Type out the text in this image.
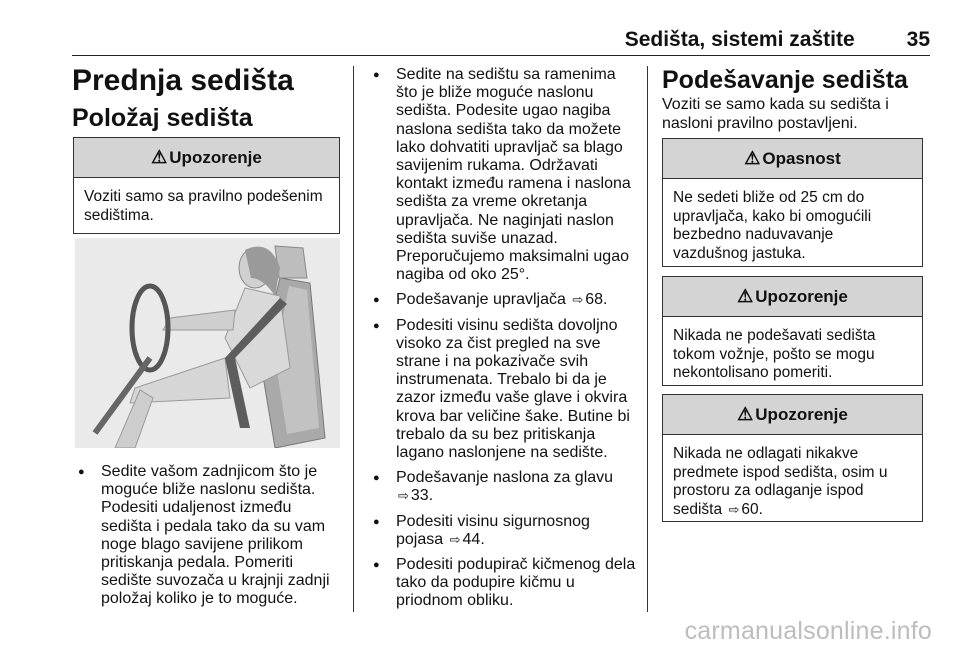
Sedišta, sistemi zaštite 35
Prednja sedišta
Položaj sedišta
⚠ Upozorenje
Voziti samo sa pravilno podešenim sedištima.
● Sedite vašom zadnjicom što je moguće bliže naslonu sedišta. Podesiti udaljenost između sedišta i pedala tako da su vam noge blago savijene prilikom pritiskanja pedala. Pomeriti sedište suvozača u krajnji zadnji položaj koliko je to moguće.
● Sedite na sedištu sa ramenima što je bliže moguće naslonu sedišta. Podesite ugao nagiba naslona sedišta tako da možete lako dohvatiti upravljač sa blago savijenim rukama. Održavati kontakt između ramena i naslona sedišta za vreme okretanja upravljača. Ne naginjati naslon sedišta suviše unazad. Preporučujemo maksimalni ugao nagiba od oko 25°.
● Podešavanje upravljača ⇨ 68.
● Podesiti visinu sedišta dovoljno visoko za čist pregled na sve strane i na pokazivače svih instrumenata. Trebalo bi da je zazor između vaše glave i okvira krova bar veličine šake. Butine bi trebalo da su bez pritiskanja lagano naslonjene na sedište.
● Podešavanje naslona za glavu ⇨ 33.
● Podesiti visinu sigurnosnog pojasa ⇨ 44.
● Podesiti podupirač kičmenog dela tako da podupire kičmu u priodnom obliku.
Podešavanje sedišta
Voziti se samo kada su sedišta i nasloni pravilno postavljeni.
⚠ Opasnost
Ne sedeti bliže od 25 cm do upravljača, kako bi omogućili bezbedno naduvavanje vazdušnog jastuka.
⚠ Upozorenje
Nikada ne podešavati sedišta tokom vožnje, pošto se mogu nekontolisano pomeriti.
⚠ Upozorenje
Nikada ne odlagati nikakve predmete ispod sedišta, osim u prostoru za odlaganje ispod sedišta ⇨ 60.
carmanualsonline.info
